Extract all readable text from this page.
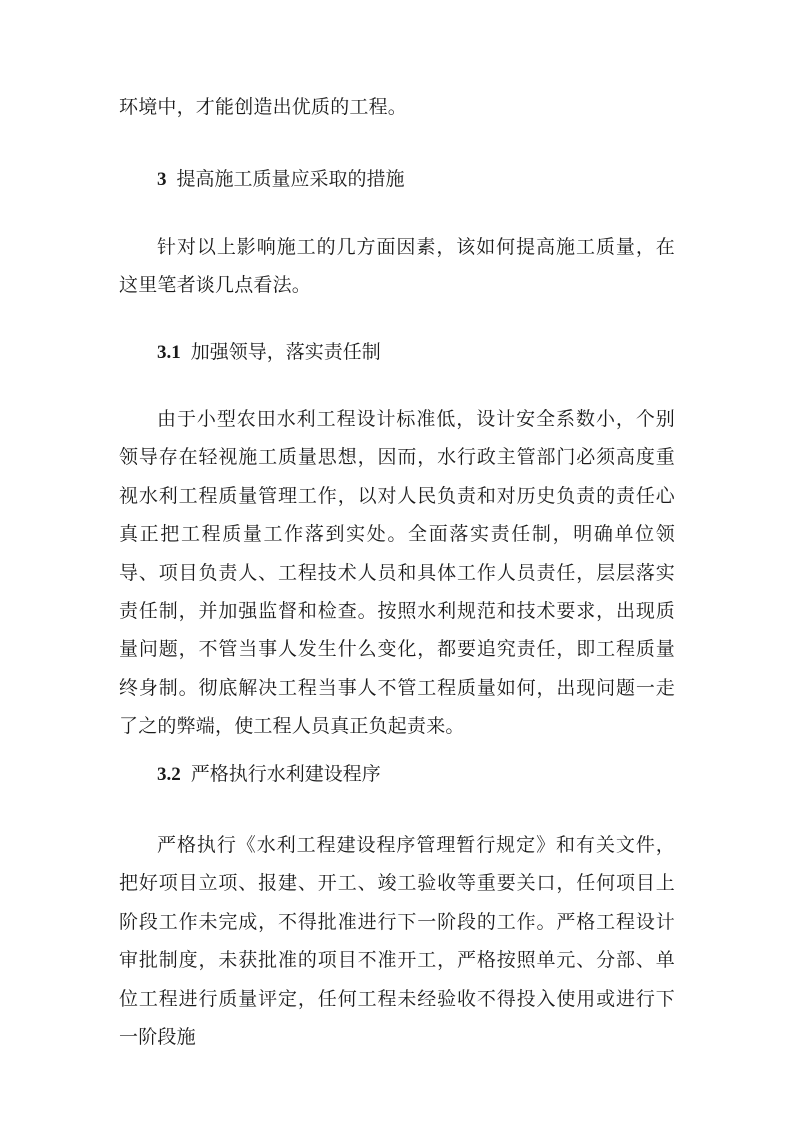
环境中，才能创造出优质的工程。

3 提高施工质量应采取的措施

针对以上影响施工的几方面因素，该如何提高施工质量，在这里笔者谈几点看法。

3.1 加强领导，落实责任制

由于小型农田水利工程设计标准低，设计安全系数小，个别领导存在轻视施工质量思想，因而，水行政主管部门必须高度重视水利工程质量管理工作，以对人民负责和对历史负责的责任心真正把工程质量工作落到实处。全面落实责任制，明确单位领导、项目负责人、工程技术人员和具体工作人员责任，层层落实责任制，并加强监督和检查。按照水利规范和技术要求，出现质量问题，不管当事人发生什么变化，都要追究责任，即工程质量终身制。彻底解决工程当事人不管工程质量如何，出现问题一走了之的弊端，使工程人员真正负起责来。

3.2 严格执行水利建设程序

严格执行《水利工程建设程序管理暂行规定》和有关文件，把好项目立项、报建、开工、竣工验收等重要关口，任何项目上阶段工作未完成，不得批准进行下一阶段的工作。严格工程设计审批制度，未获批准的项目不准开工，严格按照单元、分部、单位工程进行质量评定，任何工程未经验收不得投入使用或进行下一阶段施
